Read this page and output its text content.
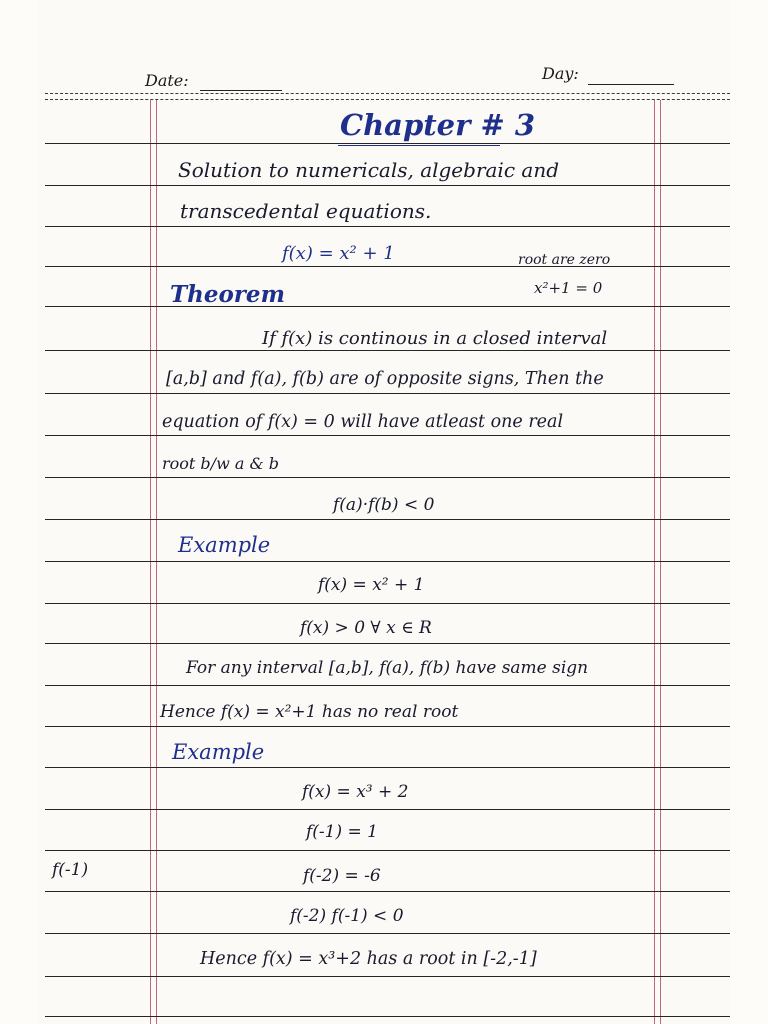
Date:	Day:
Chapter # 3
Solution to numericals, algebraic and
transcedental equations.
f(x) = x² + 1	root are zero
x²+1 = 0
Theorem
If f(x) is continous in a closed interval
[a,b] and f(a), f(b) are of opposite signs, Then the
equation of f(x) = 0 will have atleast one real
root b/w a & b
f(a)·f(b) < 0
Example
f(x) = x² + 1
f(x) > 0 ∀ x ∈ R
For any interval [a,b], f(a), f(b) have same sign
Hence f(x) = x²+1 has no real root
Example
f(x) = x³ + 2
f(-1) = 1
f(-1)	f(-2) = -6
f(-2) f(-1) < 0
Hence f(x) = x³+2 has a root in [-2,-1]
